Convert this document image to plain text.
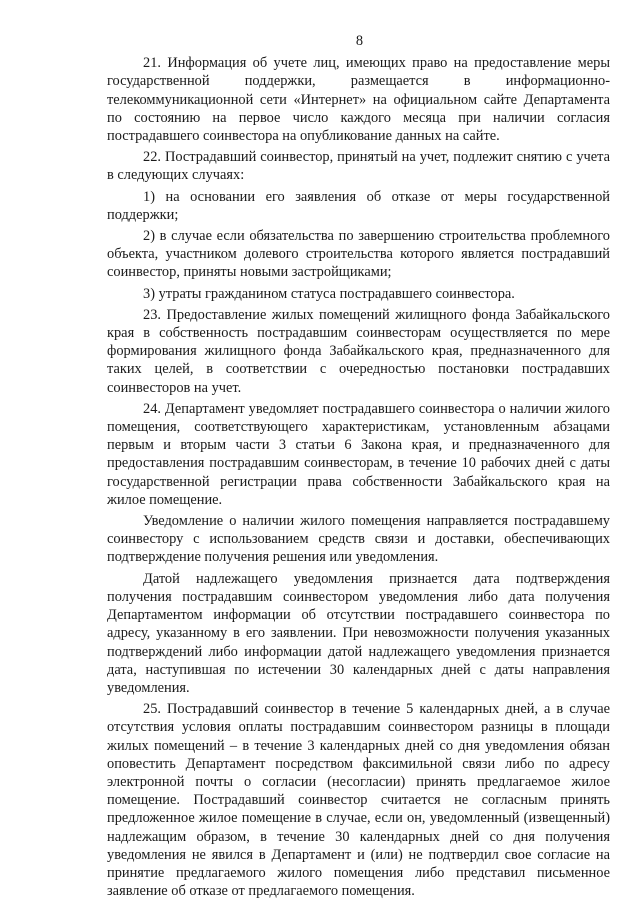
8

21. Информация об учете лиц, имеющих право на предоставление меры государственной поддержки, размещается в информационно-телекоммуникационной сети «Интернет» на официальном сайте Департамента по состоянию на первое число каждого месяца при наличии согласия пострадавшего соинвестора на опубликование данных на сайте.

22. Пострадавший соинвестор, принятый на учет, подлежит снятию с учета в следующих случаях:

1) на основании его заявления об отказе от меры государственной поддержки;

2) в случае если обязательства по завершению строительства проблемного объекта, участником долевого строительства которого является пострадавший соинвестор, приняты новыми застройщиками;

3) утраты гражданином статуса пострадавшего соинвестора.

23. Предоставление жилых помещений жилищного фонда Забайкальского края в собственность пострадавшим соинвесторам осуществляется по мере формирования жилищного фонда Забайкальского края, предназначенного для таких целей, в соответствии с очередностью постановки пострадавших соинвесторов на учет.

24. Департамент уведомляет пострадавшего соинвестора о наличии жилого помещения, соответствующего характеристикам, установленным абзацами первым и вторым части 3 статьи 6 Закона края, и предназначенного для предоставления пострадавшим соинвесторам, в течение 10 рабочих дней с даты государственной регистрации права собственности Забайкальского края на жилое помещение.

Уведомление о наличии жилого помещения направляется пострадавшему соинвестору с использованием средств связи и доставки, обеспечивающих подтверждение получения решения или уведомления.

Датой надлежащего уведомления признается дата подтверждения получения пострадавшим соинвестором уведомления либо дата получения Департаментом информации об отсутствии пострадавшего соинвестора по адресу, указанному в его заявлении. При невозможности получения указанных подтверждений либо информации датой надлежащего уведомления признается дата, наступившая по истечении 30 календарных дней с даты направления уведомления.

25. Пострадавший соинвестор в течение 5 календарных дней, а в случае отсутствия условия оплаты пострадавшим соинвестором разницы в площади жилых помещений – в течение 3 календарных дней со дня уведомления обязан оповестить Департамент посредством факсимильной связи либо по адресу электронной почты о согласии (несогласии) принять предлагаемое жилое помещение. Пострадавший соинвестор считается не согласным принять предложенное жилое помещение в случае, если он, уведомленный (извещенный) надлежащим образом, в течение 30 календарных дней со дня получения уведомления не явился в Департамент и (или) не подтвердил свое согласие на принятие предлагаемого жилого помещения либо представил письменное заявление об отказе от предлагаемого помещения.
